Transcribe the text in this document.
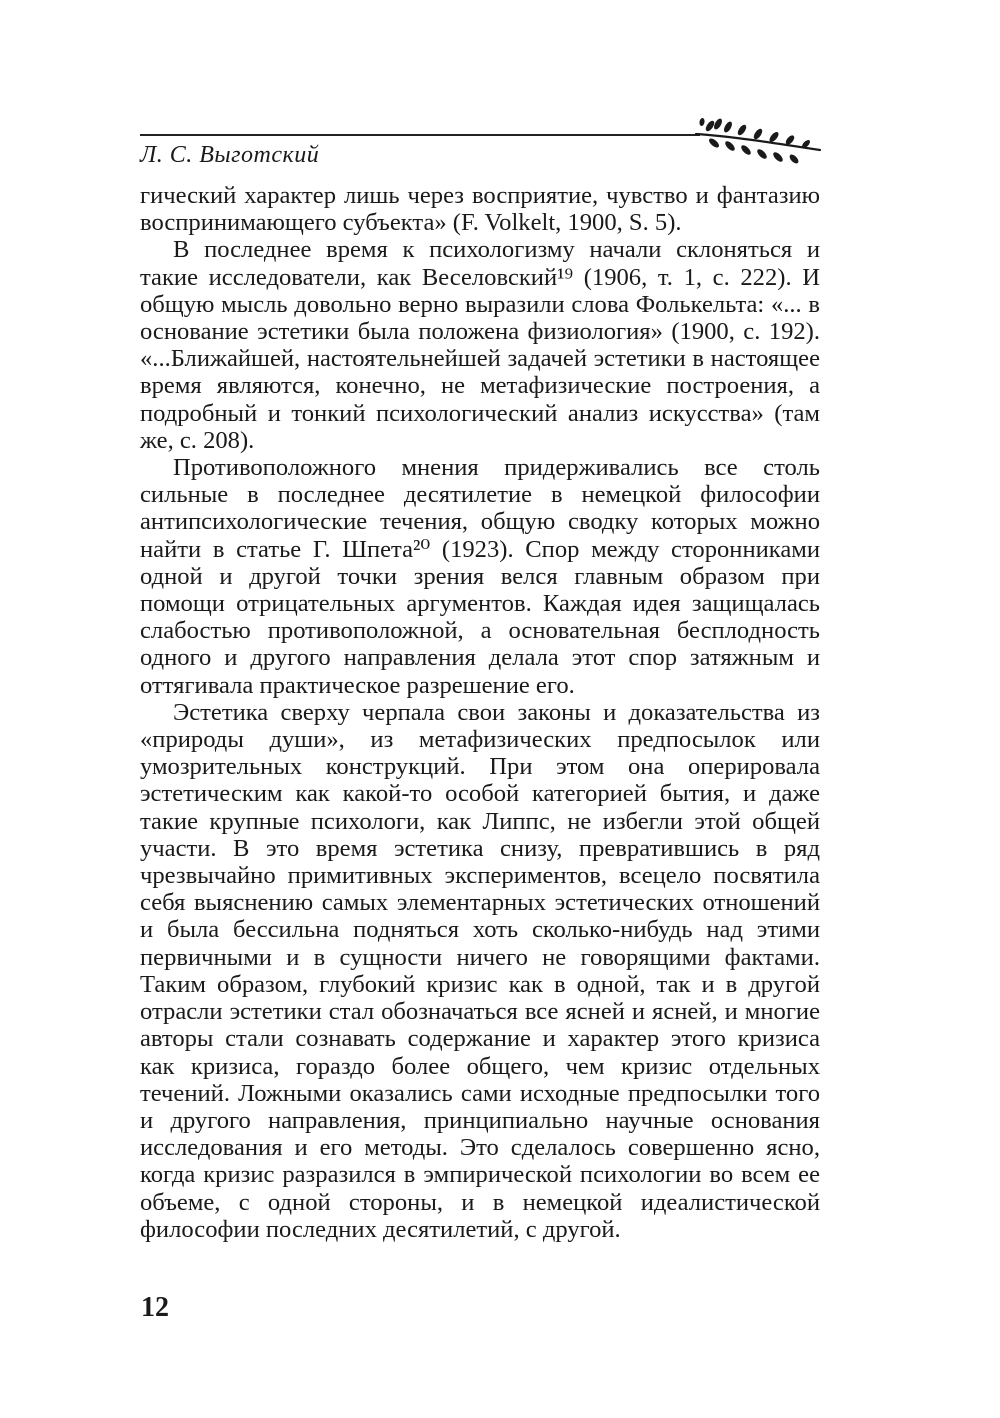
Л. С. Выготский

гический характер лишь через восприятие, чувство и фантазию воспринимающего субъекта» (F. Volkelt, 1900, S. 5).

В последнее время к психологизму начали склоняться и такие исследователи, как Веселовский¹⁹ (1906, т. 1, с. 222). И общую мысль довольно верно выразили слова Фолькельта: «... в основание эстетики была положена физиология» (1900, с. 192). «...Ближайшей, настоятельнейшей задачей эстетики в настоящее время являются, конечно, не метафизические построения, а подробный и тонкий психологический анализ искусства» (там же, с. 208).

Противоположного мнения придерживались все столь сильные в последнее десятилетие в немецкой философии антипсихологические течения, общую сводку которых можно найти в статье Г. Шпета²⁰ (1923). Спор между сторонниками одной и другой точки зрения велся главным образом при помощи отрицательных аргументов. Каждая идея защищалась слабостью противоположной, а основательная бесплодность одного и другого направления делала этот спор затяжным и оттягивала практическое разрешение его.

Эстетика сверху черпала свои законы и доказательства из «природы души», из метафизических предпосылок или умозрительных конструкций. При этом она оперировала эстетическим как какой-то особой категорией бытия, и даже такие крупные психологи, как Липпс, не избегли этой общей участи. В это время эстетика снизу, превратившись в ряд чрезвычайно примитивных экспериментов, всецело посвятила себя выяснению самых элементарных эстетических отношений и была бессильна подняться хоть сколько-нибудь над этими первичными и в сущности ничего не говорящими фактами. Таким образом, глубокий кризис как в одной, так и в другой отрасли эстетики стал обозначаться все ясней и ясней, и многие авторы стали сознавать содержание и характер этого кризиса как кризиса, гораздо более общего, чем кризис отдельных течений. Ложными оказались сами исходные предпосылки того и другого направления, принципиально научные основания исследования и его методы. Это сделалось совершенно ясно, когда кризис разразился в эмпирической психологии во всем ее объеме, с одной стороны, и в немецкой идеалистической философии последних десятилетий, с другой.

12
